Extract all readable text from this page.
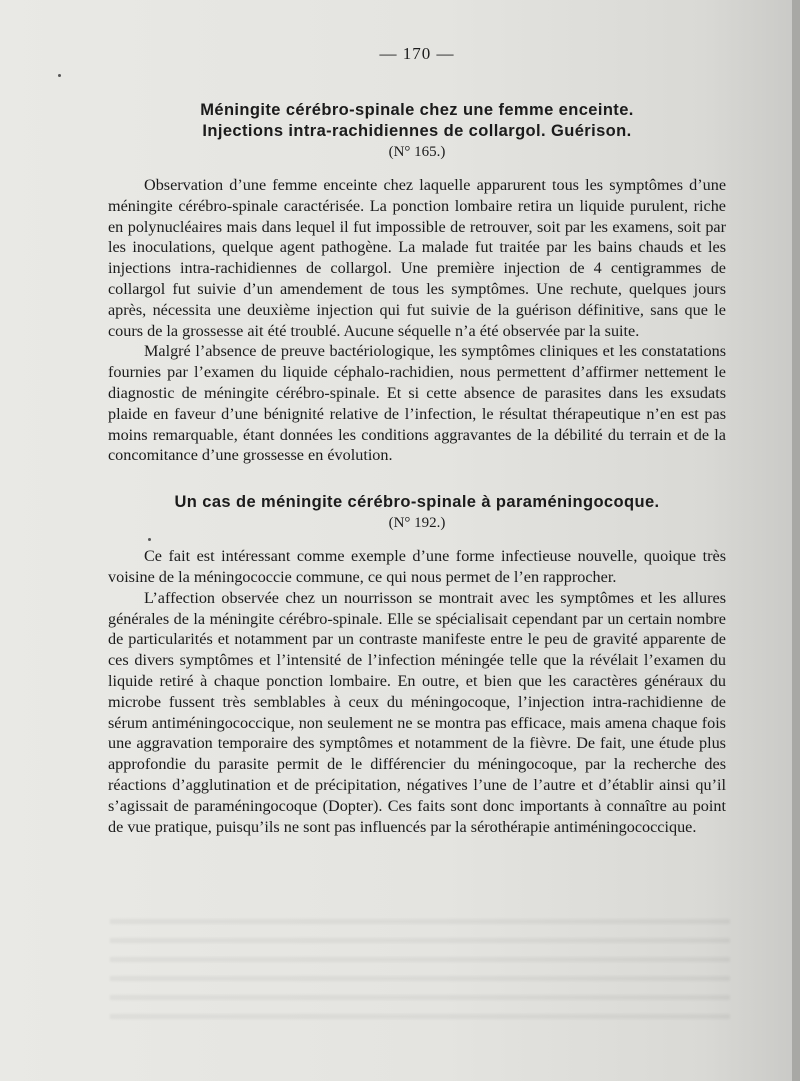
— 170 —
Méningite cérébro-spinale chez une femme enceinte.
Injections intra-rachidiennes de collargol. Guérison.
(N° 165.)

Observation d’une femme enceinte chez laquelle apparurent tous les symptômes d’une méningite cérébro-spinale caractérisée. La ponction lombaire retira un liquide purulent, riche en polynucléaires mais dans lequel il fut impossible de retrouver, soit par les examens, soit par les inoculations, quelque agent pathogène. La malade fut traitée par les bains chauds et les injections intra-rachidiennes de collargol. Une première injection de 4 centigrammes de collargol fut suivie d’un amendement de tous les symptômes. Une rechute, quelques jours après, nécessita une deuxième injection qui fut suivie de la guérison définitive, sans que le cours de la grossesse ait été troublé. Aucune séquelle n’a été observée par la suite.

Malgré l’absence de preuve bactériologique, les symptômes cliniques et les constatations fournies par l’examen du liquide céphalo-rachidien, nous permettent d’affirmer nettement le diagnostic de méningite cérébro-spinale. Et si cette absence de parasites dans les exsudats plaide en faveur d’une bénignité relative de l’infection, le résultat thérapeutique n’en est pas moins remarquable, étant données les conditions aggravantes de la débilité du terrain et de la concomitance d’une grossesse en évolution.

Un cas de méningite cérébro-spinale à paraméningocoque.
(N° 192.)

Ce fait est intéressant comme exemple d’une forme infectieuse nouvelle, quoique très voisine de la méningococcie commune, ce qui nous permet de l’en rapprocher.

L’affection observée chez un nourrisson se montrait avec les symptômes et les allures générales de la méningite cérébro-spinale. Elle se spécialisait cependant par un certain nombre de particularités et notamment par un contraste manifeste entre le peu de gravité apparente de ces divers symptômes et l’intensité de l’infection méningée telle que la révélait l’examen du liquide retiré à chaque ponction lombaire. En outre, et bien que les caractères généraux du microbe fussent très semblables à ceux du méningocoque, l’injection intra-rachidienne de sérum antiméningococcique, non seulement ne se montra pas efficace, mais amena chaque fois une aggravation temporaire des symptômes et notamment de la fièvre. De fait, une étude plus approfondie du parasite permit de le différencier du méningocoque, par la recherche des réactions d’agglutination et de précipitation, négatives l’une de l’autre et d’établir ainsi qu’il s’agissait de paraméningocoque (Dopter). Ces faits sont donc importants à connaître au point de vue pratique, puisqu’ils ne sont pas influencés par la sérothérapie antiméningococcique.
